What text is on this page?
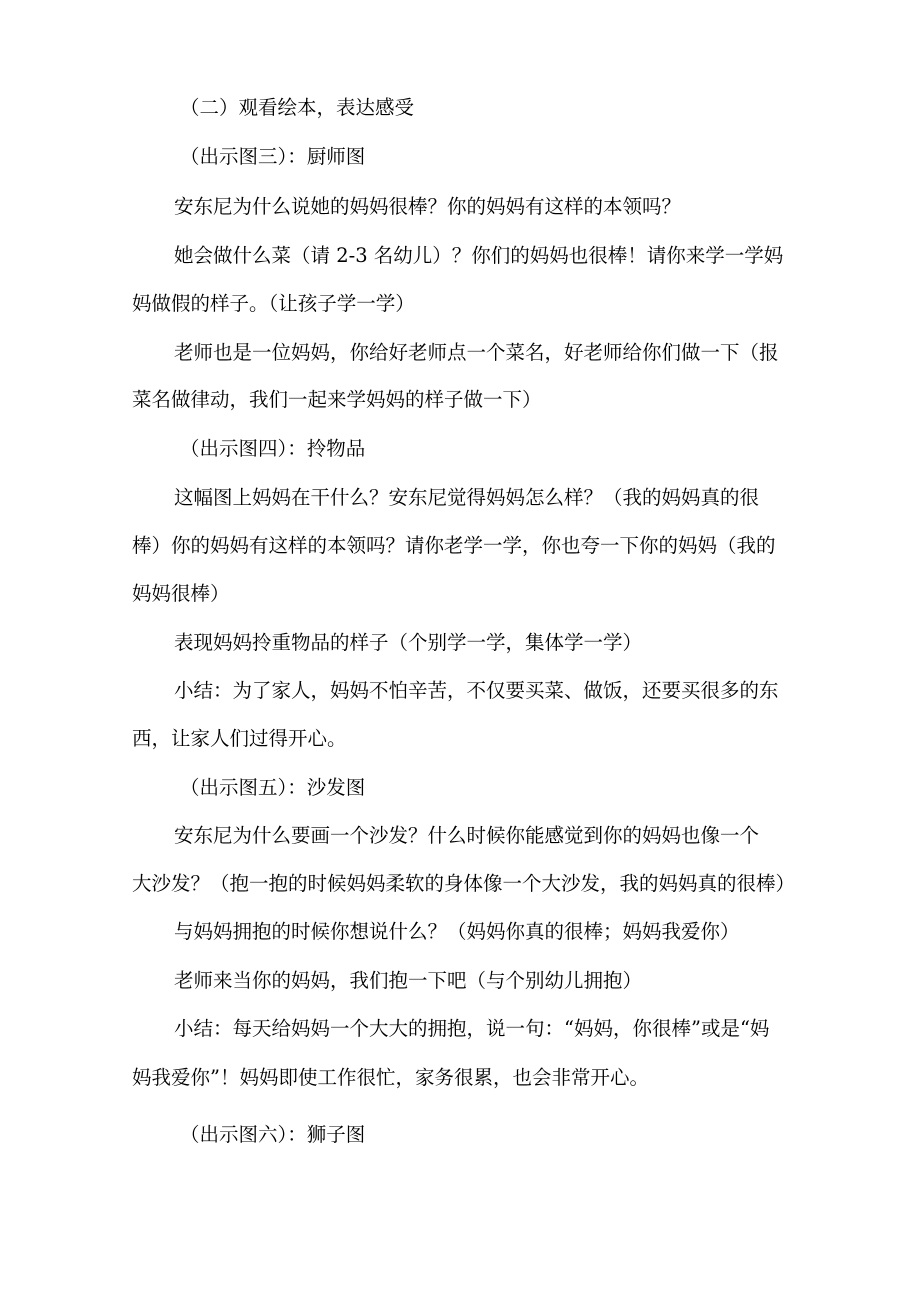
（二）观看绘本，表达感受
（出示图三）：厨师图
安东尼为什么说她的妈妈很棒？你的妈妈有这样的本领吗？
她会做什么菜（请 2-3 名幼儿）？你们的妈妈也很棒！请你来学一学妈
妈做假的样子。（让孩子学一学）
老师也是一位妈妈，你给好老师点一个菜名，好老师给你们做一下（报
菜名做律动，我们一起来学妈妈的样子做一下）
（出示图四）：拎物品
这幅图上妈妈在干什么？安东尼觉得妈妈怎么样？（我的妈妈真的很
棒）你的妈妈有这样的本领吗？请你老学一学，你也夸一下你的妈妈（我的
妈妈很棒）
表现妈妈拎重物品的样子（个别学一学，集体学一学）
小结：为了家人，妈妈不怕辛苦，不仅要买菜、做饭，还要买很多的东
西，让家人们过得开心。
（出示图五）：沙发图
安东尼为什么要画一个沙发？什么时候你能感觉到你的妈妈也像一个
大沙发？（抱一抱的时候妈妈柔软的身体像一个大沙发，我的妈妈真的很棒）
与妈妈拥抱的时候你想说什么？（妈妈你真的很棒；妈妈我爱你）
老师来当你的妈妈，我们抱一下吧（与个别幼儿拥抱）
小结：每天给妈妈一个大大的拥抱，说一句：“妈妈，你很棒”或是“妈
妈我爱你”！妈妈即使工作很忙，家务很累，也会非常开心。
（出示图六）：狮子图
